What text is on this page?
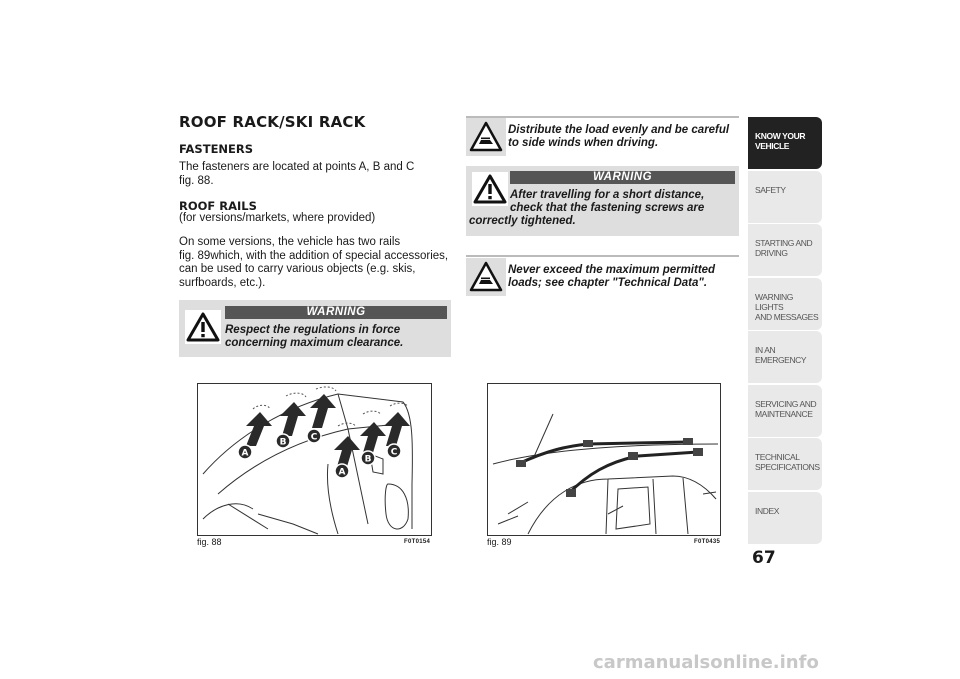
ROOF RACK/SKI RACK
FASTENERS
The fasteners are located at points A, B and C
fig. 88.
ROOF RAILS
(for versions/markets, where provided)
On some versions, the vehicle has two rails
fig. 89which, with the addition of special accessories,
can be used to carry various objects (e.g. skis,
surfboards, etc.).
WARNING
Respect the regulations in force
concerning maximum clearance.
Distribute the load evenly and be careful
to side winds when driving.
WARNING
After travelling for a short distance,
check that the fastening screws are
correctly tightened.
Never exceed the maximum permitted
loads; see chapter "Technical Data".
A
B	C
A
B
C
fig. 88	F0T0154	fig. 89	F0T0435
KNOW YOUR
VEHICLE
SAFETY
STARTING AND
DRIVING
WARNING LIGHTS
AND MESSAGES
IN AN EMERGENCY
SERVICING AND
MAINTENANCE
TECHNICAL
SPECIFICATIONS
INDEX
67
carmanualsonline.info
